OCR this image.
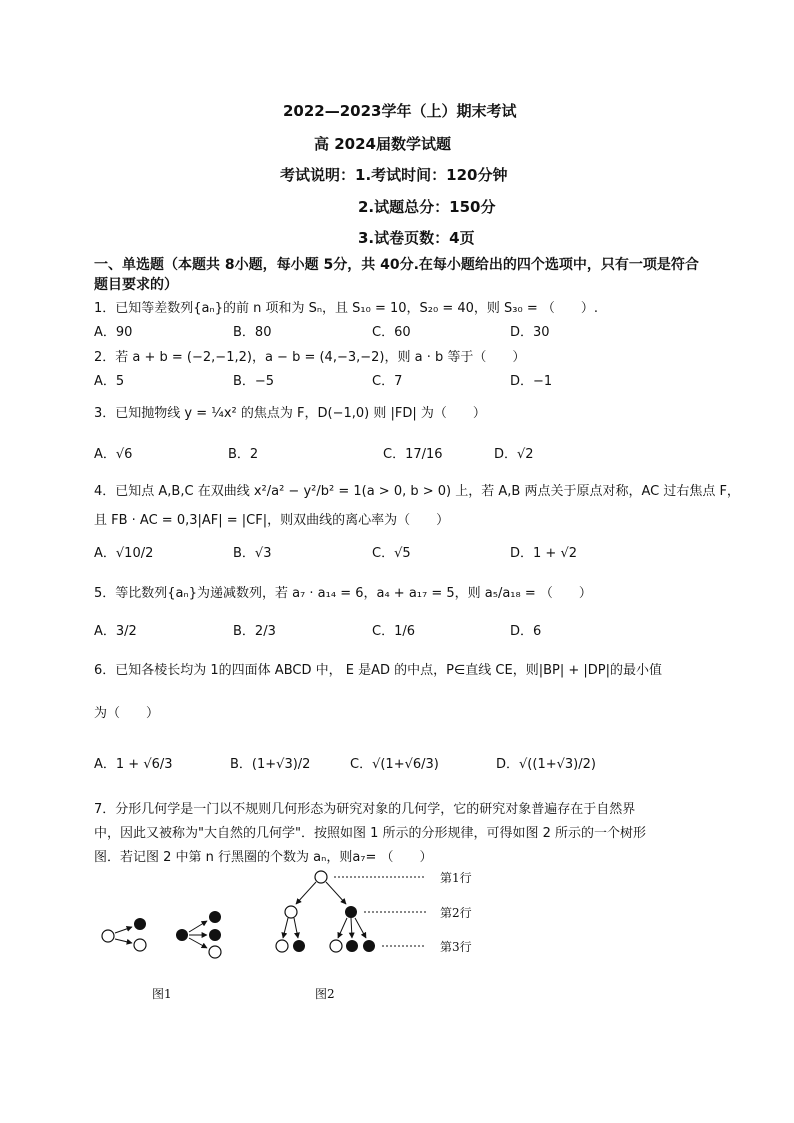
2022—2023学年（上）期末考试
高 2024届数学试题
考试说明：1.考试时间：120分钟
2.试题总分：150分
3.试卷页数：4页
一、单选题（本题共 8小题，每小题 5分，共 40分.在每小题给出的四个选项中，只有一项是符合
题目要求的）
1．已知等差数列{aₙ}的前 n 项和为 Sₙ，且 S₁₀ = 10，S₂₀ = 40，则 S₃₀ = （　　）.
A．90	B．80	C．60	D．30
2．若 a + b = (−2,−1,2)，a − b = (4,−3,−2)，则 a · b 等于（　　）
A．5	B．−5	C．7	D．−1
3．已知抛物线 y = ¼x² 的焦点为 F，D(−1,0) 则 |FD| 为（　　）
A．√6	B．2	C．17/16	D．√2
4．已知点 A,B,C 在双曲线 x²/a² − y²/b² = 1(a > 0, b > 0) 上，若 A,B 两点关于原点对称，AC 过右焦点 F，
且 FB · AC = 0,3|AF| = |CF|，则双曲线的离心率为（　　）
A．√10/2	B．√3	C．√5	D．1 + √2
5．等比数列{aₙ}为递减数列，若 a₇ · a₁₄ = 6，a₄ + a₁₇ = 5，则 a₅/a₁₈ = （　　）
A．3/2	B．2/3	C．1/6	D．6
6．已知各棱长均为 1的四面体 ABCD 中， E 是AD 的中点，P∈直线 CE，则|BP| + |DP|的最小值
为（　　）
A．1 + √6/3	B．(1+√3)/2	C．√(1+√6/3)	D．√((1+√3)/2)
7．分形几何学是一门以不规则几何形态为研究对象的几何学，它的研究对象普遍存在于自然界
中，因此又被称为"大自然的几何学"．按照如图 1 所示的分形规律，可得如图 2 所示的一个树形
图．若记图 2 中第 n 行黑圈的个数为 aₙ，则a₇= （　　）
第1行
第2行
第3行
图1	图2
